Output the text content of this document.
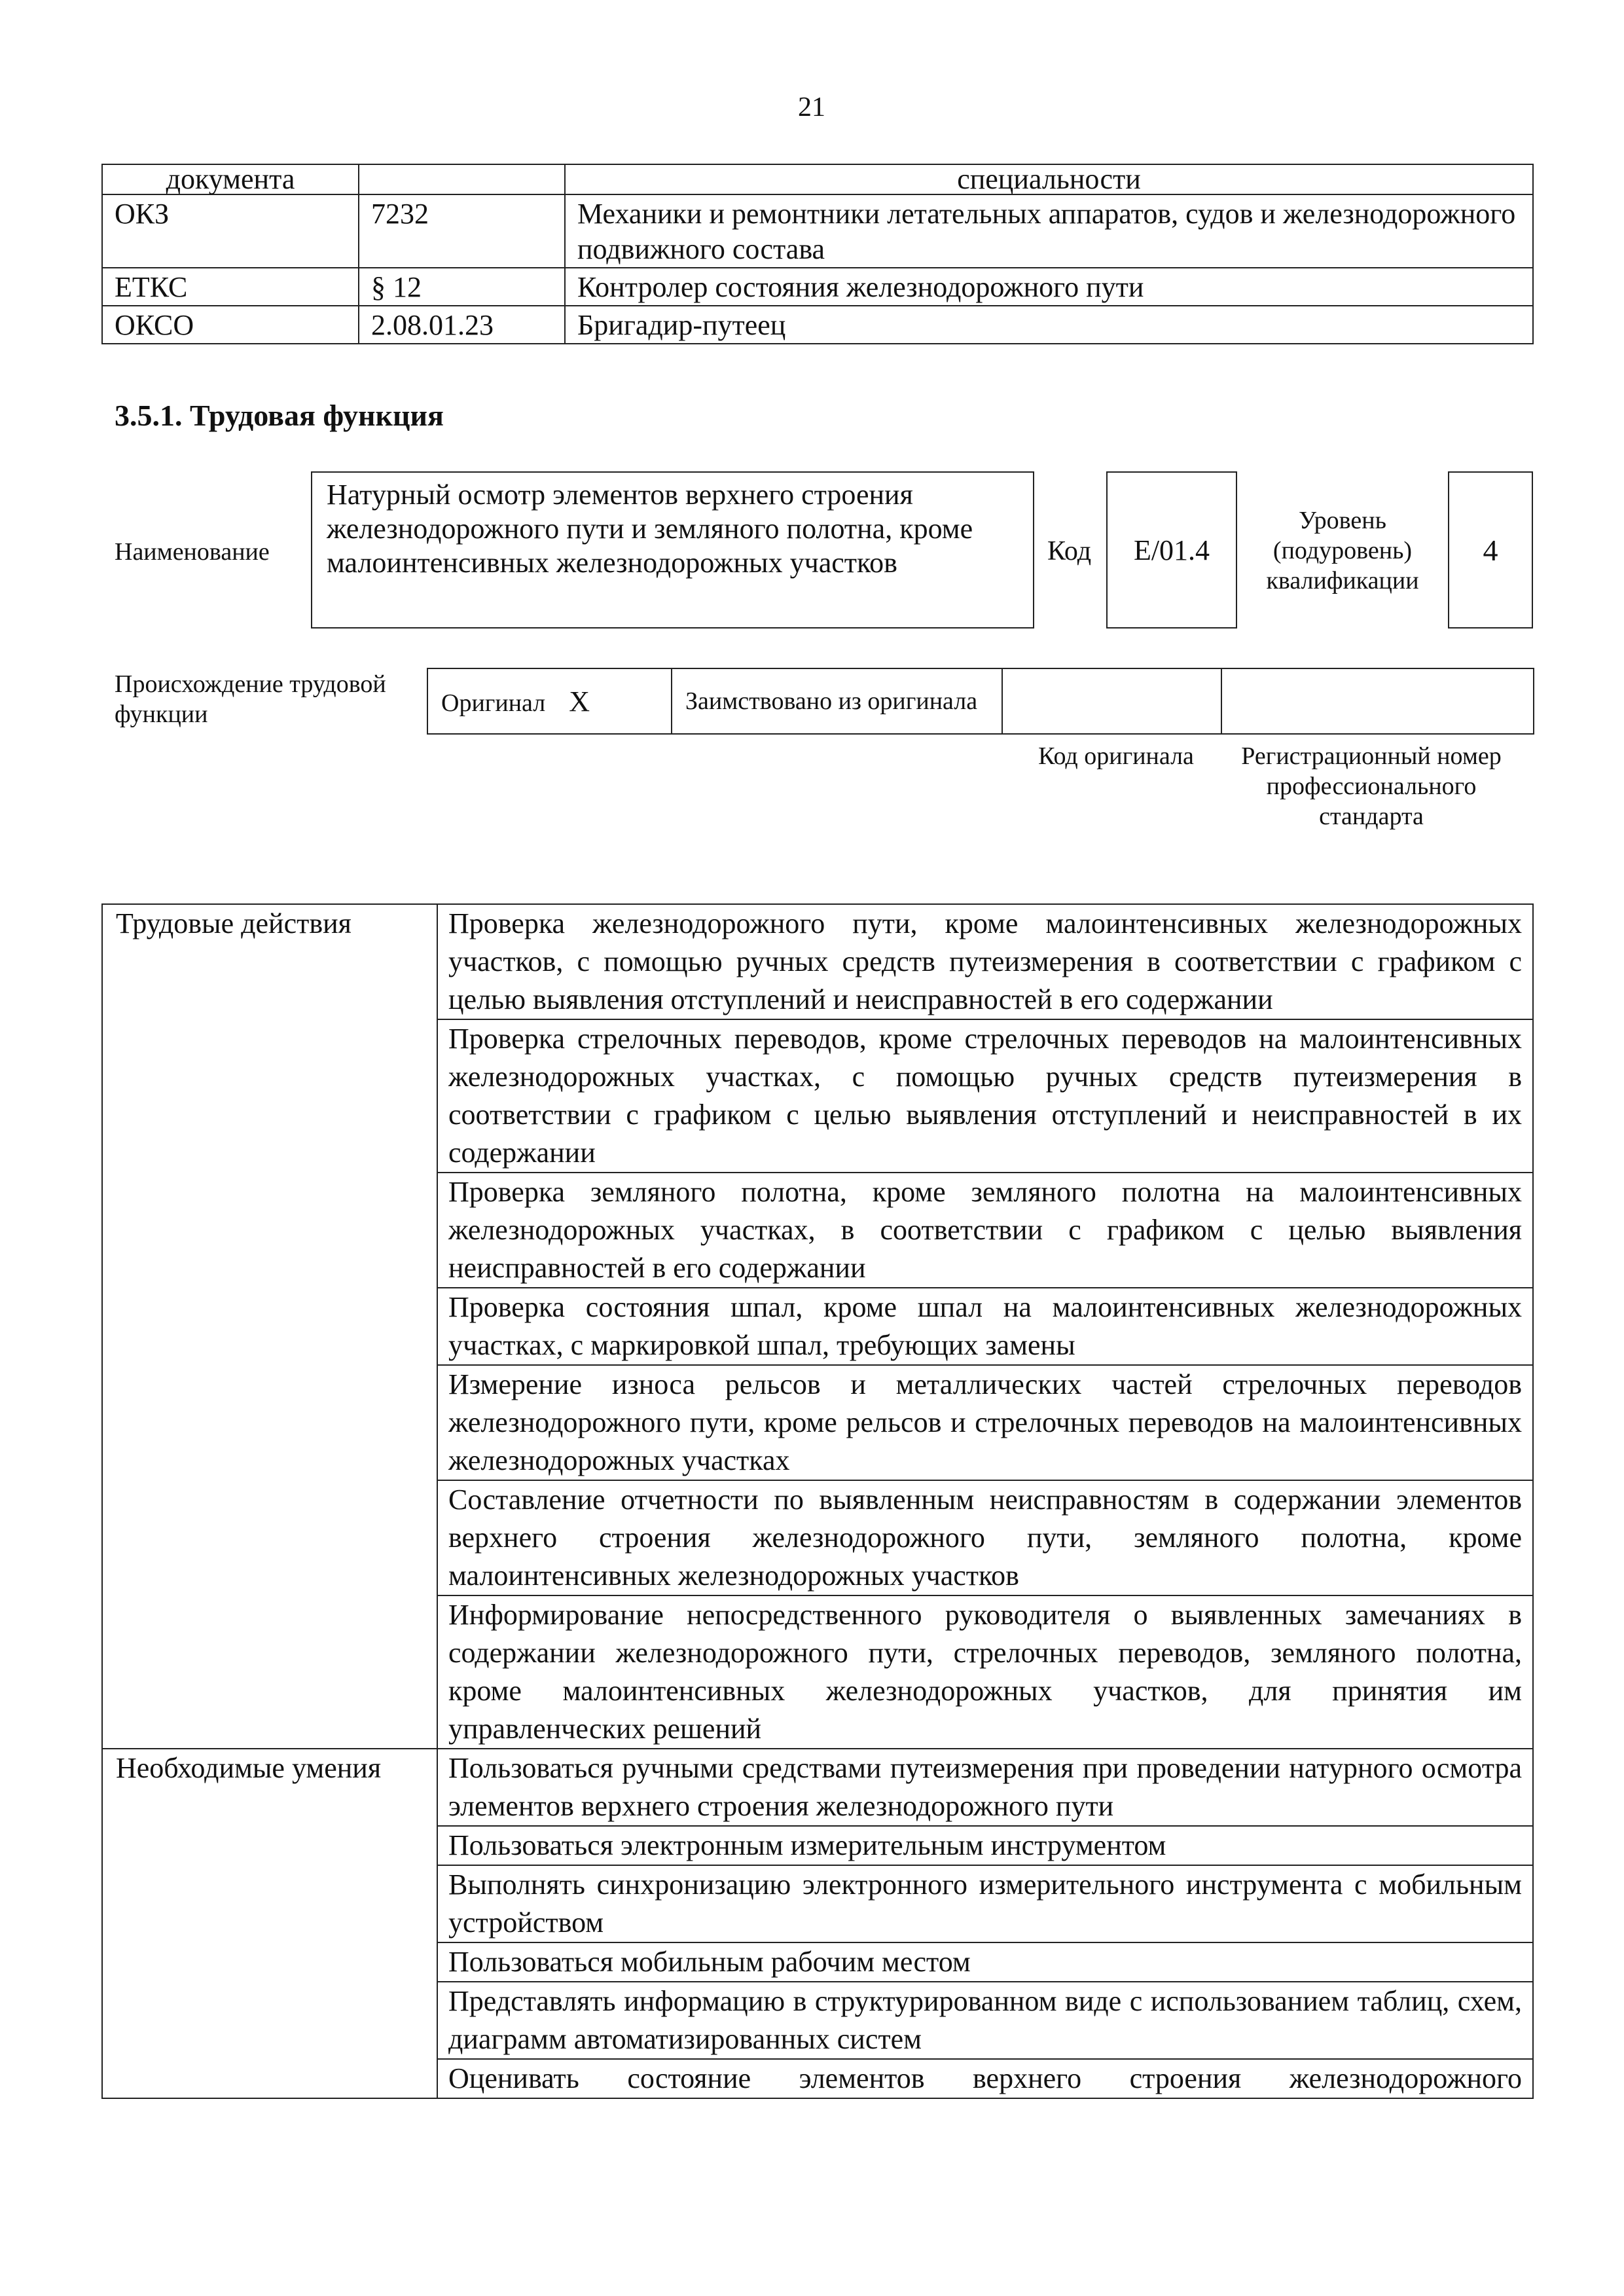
21
документа		специальности
ОКЗ	7232	Механики и ремонтники летательных аппаратов, судов и железнодорожного подвижного состава
ЕТКС	§ 12	Контролер состояния железнодорожного пути
ОКСО	2.08.01.23	Бригадир-путеец
3.5.1. Трудовая функция
Наименование
Натурный осмотр элементов верхнего строения железнодорожного пути и земляного полотна, кроме малоинтенсивных железнодорожных участков	Код	E/01.4
Уровень (подуровень) квалификации
4
Происхождение трудовой функции	Оригинал X	Заимствовано из оригинала		
Код оригинала	Регистрационный номер профессионального стандарта
Трудовые действия	Проверка железнодорожного пути, кроме малоинтенсивных железнодорожных участков, с помощью ручных средств путеизмерения в соответствии с графиком с целью выявления отступлений и неисправностей в его содержании
	Проверка стрелочных переводов, кроме стрелочных переводов на малоинтенсивных железнодорожных участках, с помощью ручных средств путеизмерения в соответствии с графиком с целью выявления отступлений и неисправностей в их содержании
	Проверка земляного полотна, кроме земляного полотна на малоинтенсивных железнодорожных участках, в соответствии с графиком с целью выявления неисправностей в его содержании
	Проверка состояния шпал, кроме шпал на малоинтенсивных железнодорожных участках, с маркировкой шпал, требующих замены
	Измерение износа рельсов и металлических частей стрелочных переводов железнодорожного пути, кроме рельсов и стрелочных переводов на малоинтенсивных железнодорожных участках
	Составление отчетности по выявленным неисправностям в содержании элементов верхнего строения железнодорожного пути, земляного полотна, кроме малоинтенсивных железнодорожных участков
	Информирование непосредственного руководителя о выявленных замечаниях в содержании железнодорожного пути, стрелочных переводов, земляного полотна, кроме малоинтенсивных железнодорожных участков, для принятия им управленческих решений
Необходимые умения	Пользоваться ручными средствами путеизмерения при проведении натурного осмотра элементов верхнего строения железнодорожного пути
	Пользоваться электронным измерительным инструментом
	Выполнять синхронизацию электронного измерительного инструмента с мобильным устройством
	Пользоваться мобильным рабочим местом
	Представлять информацию в структурированном виде с использованием таблиц, схем, диаграмм автоматизированных систем
	Оценивать состояние элементов верхнего строения железнодорожного
